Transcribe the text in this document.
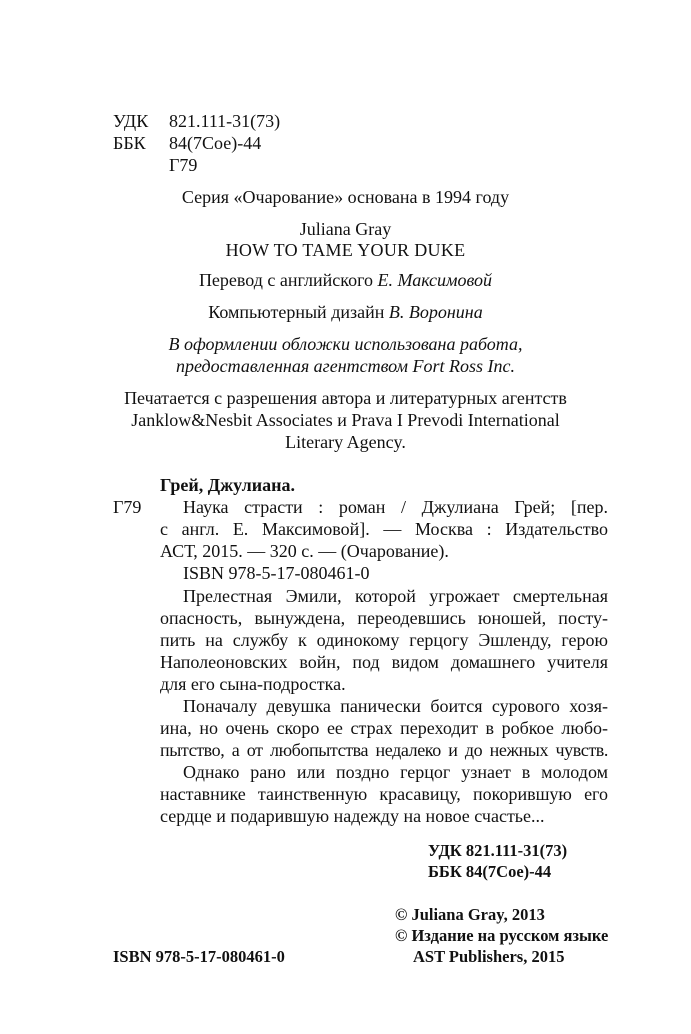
УДК 821.111-31(73)
ББК 84(7Сое)-44
Г79
Серия «Очарование» основана в 1994 году
Juliana Gray
HOW TO TAME YOUR DUKE
Перевод с английского Е. Максимовой
Компьютерный дизайн В. Воронина
В оформлении обложки использована работа,
предоставленная агентством Fort Ross Inc.
Печатается с разрешения автора и литературных агентств
Janklow&Nesbit Associates и Prava I Prevodi International
Literary Agency.
Грей, Джулиана.
Г79 Наука страсти : роман / Джулиана Грей; [пер.
с англ. Е. Максимовой]. — Москва : Издательство
АСТ, 2015. — 320 с. — (Очарование).
ISBN 978-5-17-080461-0
Прелестная Эмили, которой угрожает смертельная
опасность, вынуждена, переодевшись юношей, посту-
пить на службу к одинокому герцогу Эшленду, герою
Наполеоновских войн, под видом домашнего учителя
для его сына-подростка.
Поначалу девушка панически боится сурового хозя-
ина, но очень скоро ее страх переходит в робкое любо-
пытство, а от любопытства недалеко и до нежных чувств.
Однако рано или поздно герцог узнает в молодом
наставнике таинственную красавицу, покорившую его
сердце и подарившую надежду на новое счастье...
УДК 821.111-31(73)
ББК 84(7Сое)-44
© Juliana Gray, 2013
© Издание на русском языке
AST Publishers, 2015
ISBN 978-5-17-080461-0
